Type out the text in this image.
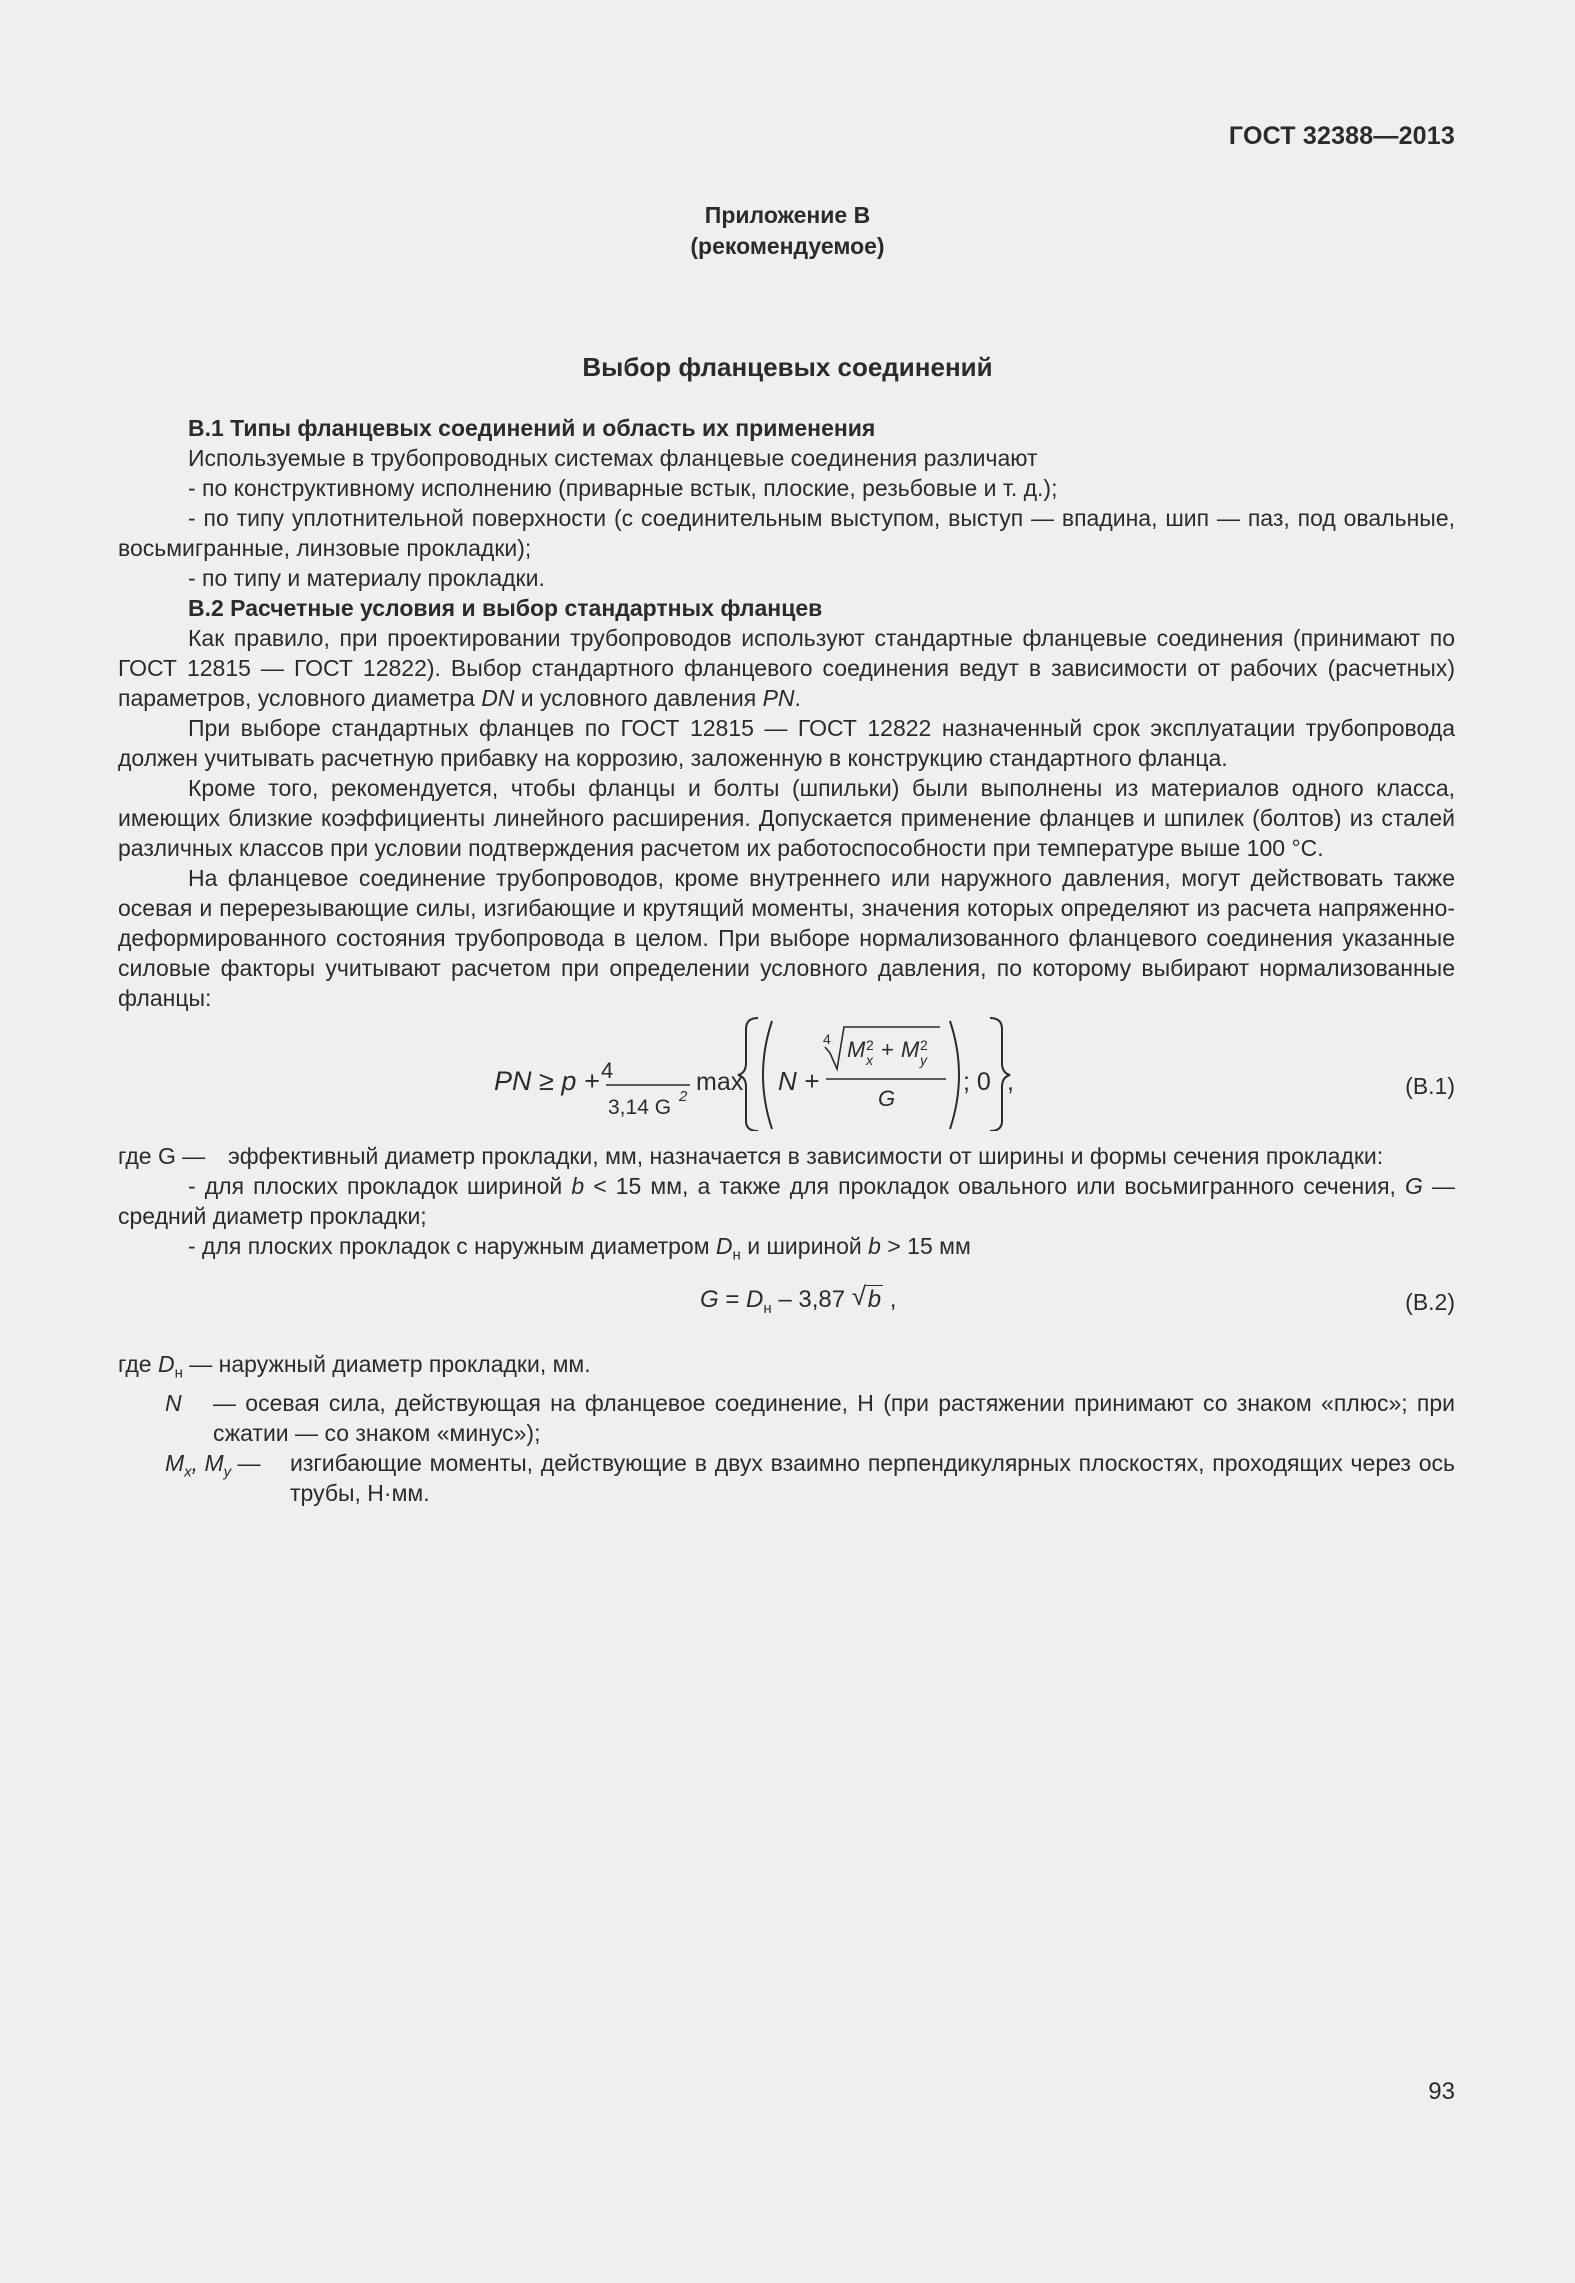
ГОСТ 32388—2013
Приложение В
(рекомендуемое)
Выбор фланцевых соединений

В.1 Типы фланцевых соединений и область их применения

Используемые в трубопроводных системах фланцевые соединения различают

- по конструктивному исполнению (приварные встык, плоские, резьбовые и т. д.);

- по типу уплотнительной поверхности (с соединительным выступом, выступ — впадина, шип — паз, под овальные, восьмигранные, линзовые прокладки);

- по типу и материалу прокладки.

В.2 Расчетные условия и выбор стандартных фланцев

Как правило, при проектировании трубопроводов используют стандартные фланцевые соединения (принимают по ГОСТ 12815 — ГОСТ 12822). Выбор стандартного фланцевого соединения ведут в зависимости от рабочих (расчетных) параметров, условного диаметра DN и условного давления PN.

При выборе стандартных фланцев по ГОСТ 12815 — ГОСТ 12822 назначенный срок эксплуатации трубопровода должен учитывать расчетную прибавку на коррозию, заложенную в конструкцию стандартного фланца.

Кроме того, рекомендуется, чтобы фланцы и болты (шпильки) были выполнены из материалов одного класса, имеющих близкие коэффициенты линейного расширения. Допускается применение фланцев и шпилек (болтов) из сталей различных классов при условии подтверждения расчетом их работоспособности при температуре выше 100 °С.

На фланцевое соединение трубопроводов, кроме внутреннего или наружного давления, могут действовать также осевая и перерезывающие силы, изгибающие и крутящий моменты, значения которых определяют из расчета напряженно-деформированного состояния трубопровода в целом. При выборе нормализованного фланцевого соединения указанные силовые факторы учитывают расчетом при определении условного давления, по которому выбирают нормализованные фланцы:

PN ≥ p + 4
3,14 G 2
max N +
4 M 2
x + M 2
y
G
; 0 ,	(В.1)
где G — эффективный диаметр прокладки, мм, назначается в зависимости от ширины и формы сечения прокладки:

- для плоских прокладок шириной b < 15 мм, а также для прокладок овального или восьмигранного сечения, G — средний диаметр прокладки;

- для плоских прокладок с наружным диаметром $D_н$ и шириной b > 15 мм

$G = D_н - 3,87$ √ b ,	(В.2)

где $D_н$ — наружный диаметр прокладки, мм.

N	— осевая сила, действующая на фланцевое соединение, Н (при растяжении принимают со знаком «плюс»; при сжатии — со знаком «минус»);
$M_x$, $M_y$ —	изгибающие моменты, действующие в двух взаимно перпендикулярных плоскостях, проходящих через ось трубы, Н·мм.
93
